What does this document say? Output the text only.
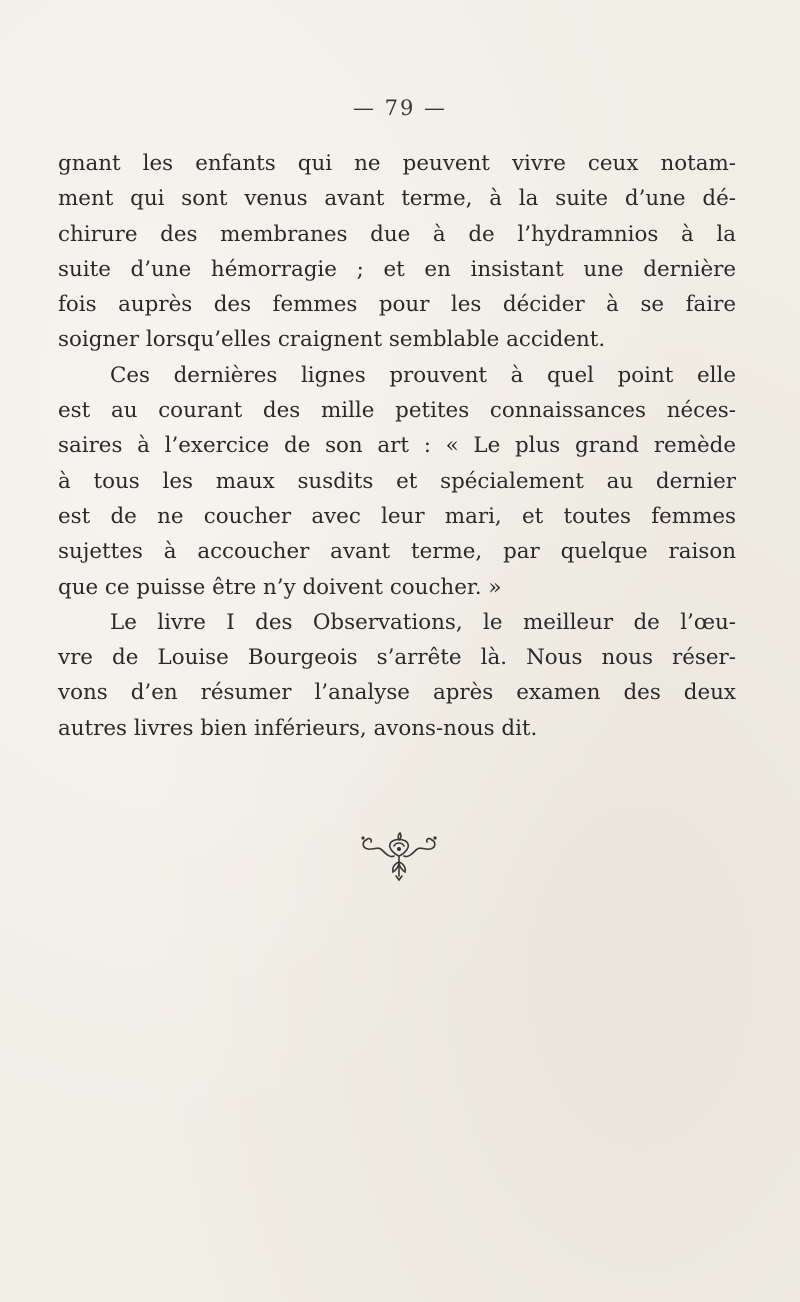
— 79 —

gnant les enfants qui ne peuvent vivre ceux notam-
ment qui sont venus avant terme, à la suite d’une dé-
chirure des membranes due à de l’hydramnios à la
suite d’une hémorragie ; et en insistant une dernière
fois auprès des femmes pour les décider à se faire
soigner lorsqu’elles craignent semblable accident.

Ces dernières lignes prouvent à quel point elle
est au courant des mille petites connaissances néces-
saires à l’exercice de son art : « Le plus grand remède
à tous les maux susdits et spécialement au dernier
est de ne coucher avec leur mari, et toutes femmes
sujettes à accoucher avant terme, par quelque raison
que ce puisse être n’y doivent coucher. »

Le livre I des Observations, le meilleur de l’œu-
vre de Louise Bourgeois s’arrête là. Nous nous réser-
vons d’en résumer l’analyse après examen des deux
autres livres bien inférieurs, avons-nous dit.
